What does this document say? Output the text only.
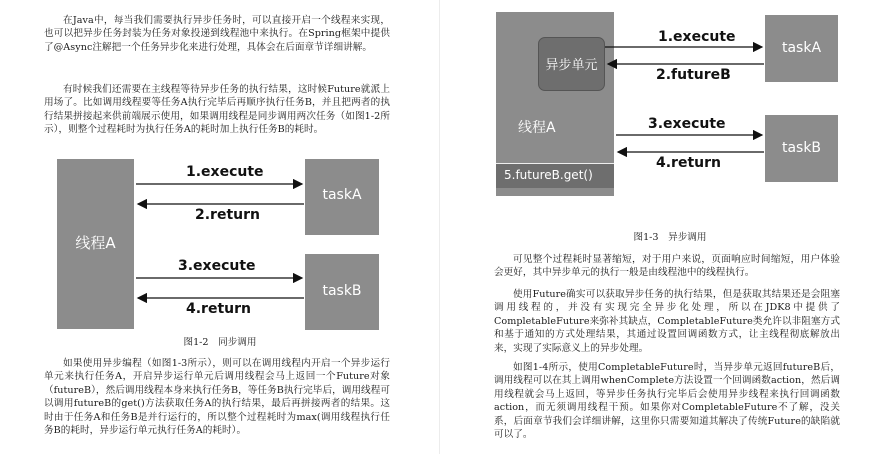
在Java中，每当我们需要执行异步任务时，可以直接开启一个线程来实现，也可以把异步任务封装为任务对象投递到线程池中来执行。在Spring框架中提供了@Async注解把一个任务异步化来进行处理，具体会在后面章节详细讲解。

有时候我们还需要在主线程等待异步任务的执行结果，这时候Future就派上用场了。比如调用线程要等任务A执行完毕后再顺序执行任务B，并且把两者的执行结果拼接起来供前端展示使用，如果调用线程是同步调用两次任务（如图1-2所示），则整个过程耗时为执行任务A的耗时加上执行任务B的耗时。

线程A
taskA
taskB
1.execute
2.return
3.execute
4.return
图1-2　同步调用

如果使用异步编程（如图1-3所示），则可以在调用线程内开启一个异步运行单元来执行任务A，开启异步运行单元后调用线程会马上返回一个Future对象（futureB），然后调用线程本身来执行任务B，等任务B执行完毕后，调用线程可以调用futureB的get()方法获取任务A的执行结果，最后再拼接两者的结果。这时由于任务A和任务B是并行运行的，所以整个过程耗时为max(调用线程执行任务B的耗时，异步运行单元执行任务A的耗时）。

线程A
异步单元
5.futureB.get()
taskA
taskB
1.execute
2.futureB
3.execute
4.return
图1-3　异步调用

可见整个过程耗时显著缩短，对于用户来说，页面响应时间缩短，用户体验会更好，其中异步单元的执行一般是由线程池中的线程执行。

使用Future确实可以获取异步任务的执行结果，但是获取其结果还是会阻塞调用线程的，并没有实现完全异步化处理，所以在JDK8中提供了CompletableFuture来弥补其缺点，CompletableFuture类允许以非阻塞方式和基于通知的方式处理结果，其通过设置回调函数方式，让主线程彻底解放出来，实现了实际意义上的异步处理。

如图1-4所示，使用CompletableFuture时，当异步单元返回futureB后，调用线程可以在其上调用whenComplete方法设置一个回调函数action，然后调用线程就会马上返回，等异步任务执行完毕后会使用异步线程来执行回调函数action，而无须调用线程干预。如果你对CompletableFuture不了解，没关系，后面章节我们会详细讲解，这里你只需要知道其解决了传统Future的缺陷就可以了。
